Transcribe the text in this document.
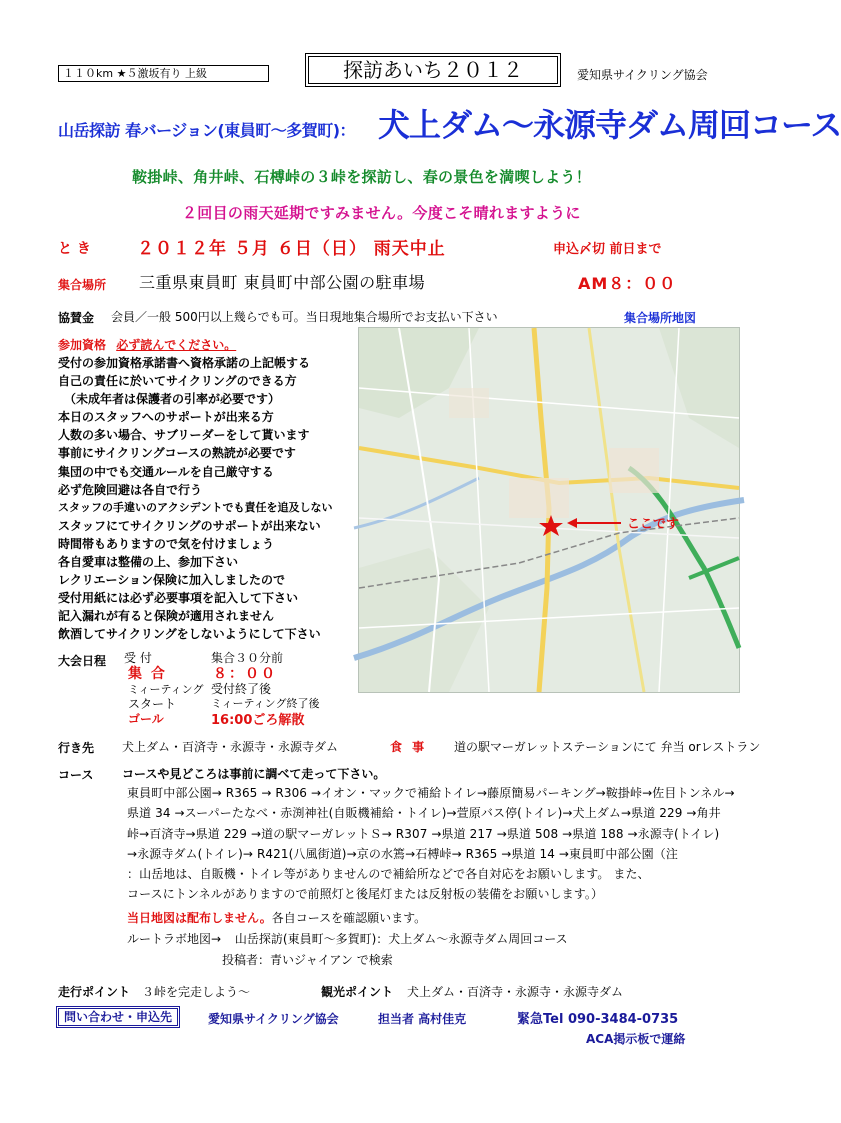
１１０km ★５激坂有り 上級	探訪あいち２０１２	愛知県サイクリング協会
山岳探訪 春バージョン(東員町～多賀町)： 犬上ダム～永源寺ダム周回コース
鞍掛峠、角井峠、石榑峠の３峠を探訪し、春の景色を満喫しよう！
２回目の雨天延期ですみません。今度こそ晴れますように
と き	２０１２年 ５月 ６日（日） 雨天中止	申込〆切 前日まで
集合場所 三重県東員町 東員町中部公園の駐車場	AM８：００
協賛金 会員／一般 500円以上幾らでも可。当日現地集合場所でお支払い下さい	集合場所地図
参加資格 必ず読んでください。
受付の参加資格承諾書へ資格承諾の上記帳する
自己の責任に於いてサイクリングのできる方
（未成年者は保護者の引率が必要です）
本日のスタッフへのサポートが出来る方
人数の多い場合、サブリーダーをして貰います
事前にサイクリングコースの熟読が必要です
集団の中でも交通ルールを自己厳守する
必ず危険回避は各自で行う
スタッフの手違いのアクシデントでも責任を追及しない
スタッフにてサイクリングのサポートが出来ない
時間帯もありますので気を付けましょう
各自愛車は整備の上、参加下さい
レクリエーション保険に加入しましたので
受付用紙には必ず必要事項を記入して下さい
記入漏れが有ると保険が適用されません
飲酒してサイクリングをしないようにして下さい
ここです
大会日程 受 付	集合３０分前
集 合	８：００
ミィーティング 受付終了後
スタート	ミィーティング終了後
ゴール	16:00ごろ解散
行き先 犬上ダム・百済寺・永源寺・永源寺ダム	食 事 道の駅マーガレットステーションにて 弁当 orレストラン
コース コースや見どころは事前に調べて走って下さい。
東員町中部公園→ R365 → R306 →イオン・マックで補給トイレ→藤原簡易パーキング→鞍掛峠→佐目トンネル→
県道 34 →スーパーたなべ・赤渕神社(自販機補給・トイレ)→萱原バス停(トイレ)→犬上ダム→県道 229 →角井
峠→百済寺→県道 229 →道の駅マーガレットＳ→ R307 →県道 217 →県道 508 →県道 188 →永源寺(トイレ)
→永源寺ダム(トイレ)→ R421(八風街道)→京の水篶→石榑峠→ R365 →県道 14 →東員町中部公園（注
：山岳地は、自販機・トイレ等がありませんので補給所などで各自対応をお願いします。 また、
コースにトンネルがありますので前照灯と後尾灯または反射板の装備をお願いします。）
当日地図は配布しません。各自コースを確認願います。
ルートラボ地図→ 山岳探訪(東員町～多賀町)：犬上ダム～永源寺ダム周回コース
投稿者：青いジャイアン で検索
走行ポイント ３峠を完走しよう～	観光ポイント 犬上ダム・百済寺・永源寺・永源寺ダム
問い合わせ・申込先	愛知県サイクリング協会	担当者 高村佳克	緊急Tel 090-3484-0735
ACA掲示板で運絡
